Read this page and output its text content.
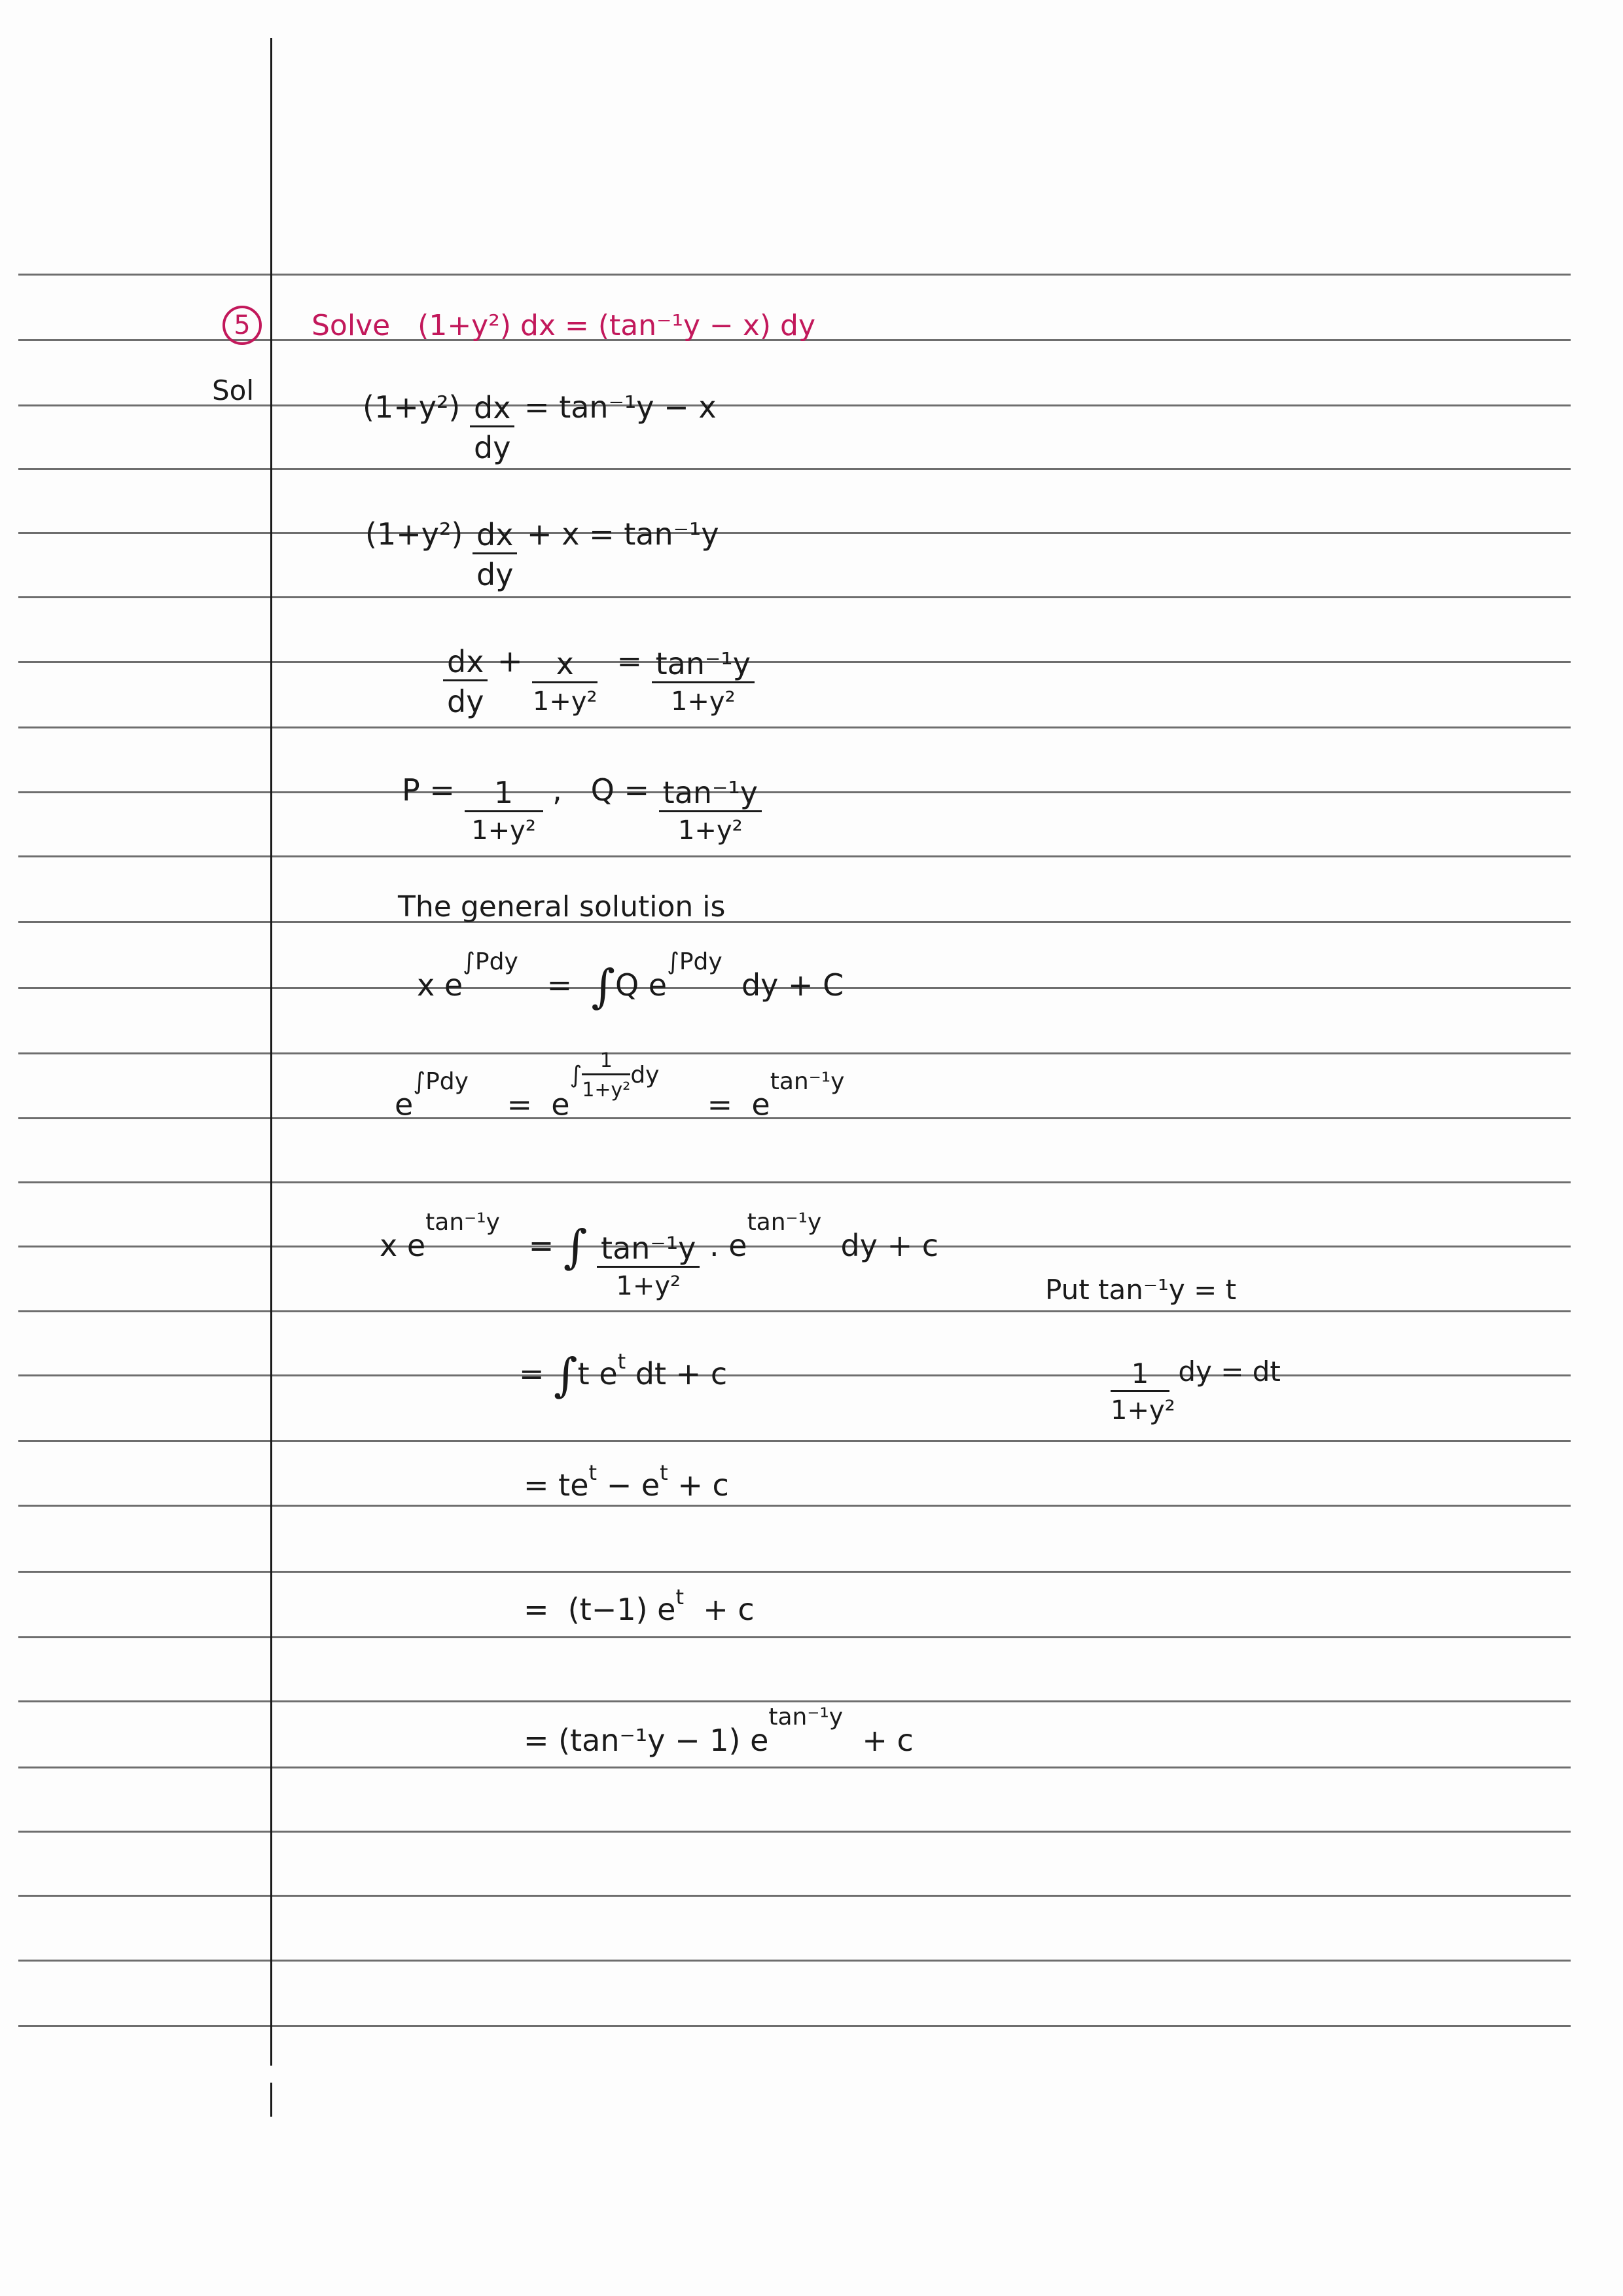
5	Solve (1+y²) dx = (tan⁻¹y − x) dy
Sol	$(1+y^2) \frac{dx}{dy} = \tan^{-1}y - x$
$(1+y^2) \frac{dx}{dy} + x = \tan^{-1}y$
$\frac{dx}{dy} + \frac{x}{\text{1+y²}} = \frac{\text{tan⁻¹y}}{\text{1+y²}}$
$P = \frac{1}{\text{1+y²}}$ , $Q = \frac{\text{tan⁻¹y}}{\text{1+y²}}$
The general solution is
x $e^{\int Pdy} = \int Q$ $e^{\int Pdy}$  dy + C
$e^{\int Pdy}$    = $e^{\int \frac{1}{\text{1+y²}} dy}$     = $e^{tan^{-1}y}$
x $e^{tan^{-1}y}$   = ∫ $\frac{\text{tan⁻¹y}}{\text{1+y²}}$ . $e^{tan^{-1}y}$  dy + c
Put tan⁻¹y = t
$\frac{1}{\text{1+y²}}$ dy = dt
= ∫t $e^t$ dt + c
= $te^t - e^t + c$
= (t−1) $e^t + c$
= (tan⁻¹y − 1) $e^{tan^{-1}y} + c$
